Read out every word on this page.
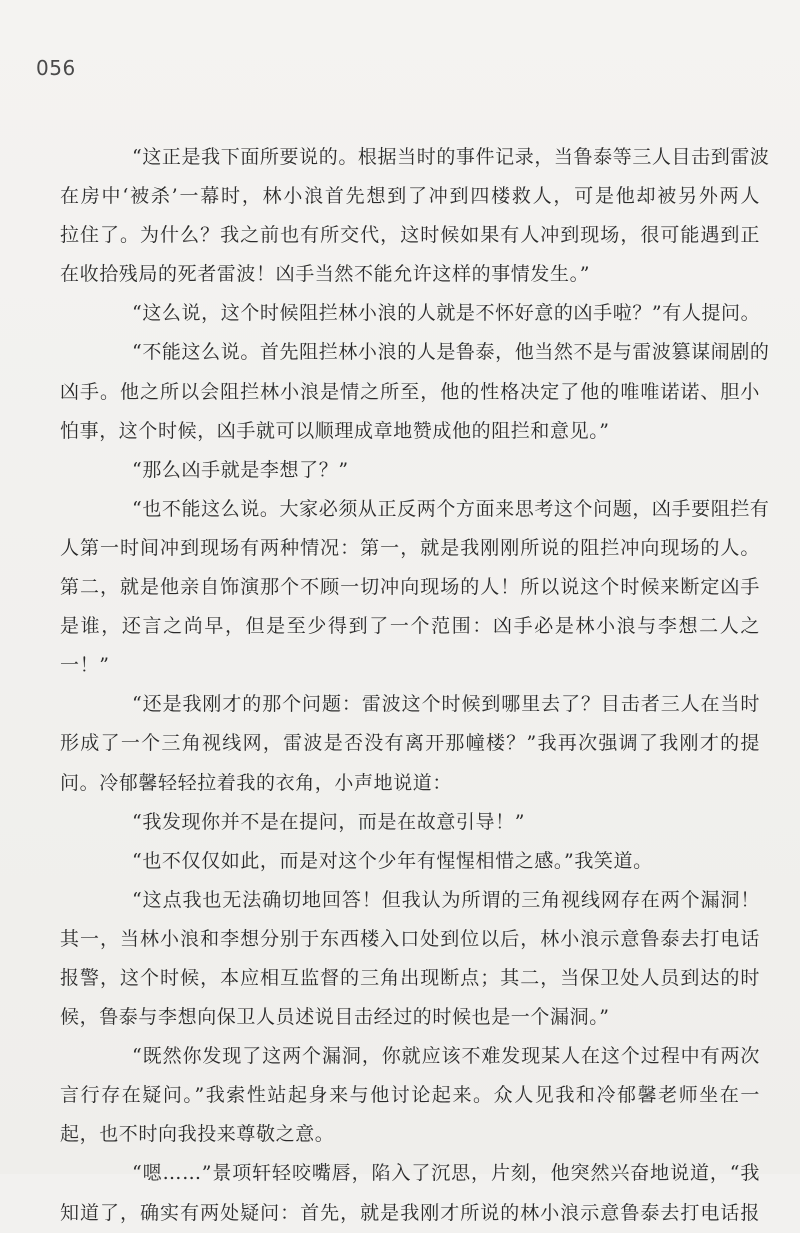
056
“这正是我下面所要说的。根据当时的事件记录，当鲁泰等三人目击到雷波
在房中‘被杀’一幕时，林小浪首先想到了冲到四楼救人，可是他却被另外两人
拉住了。为什么？我之前也有所交代，这时候如果有人冲到现场，很可能遇到正
在收拾残局的死者雷波！凶手当然不能允许这样的事情发生。”
“这么说，这个时候阻拦林小浪的人就是不怀好意的凶手啦？”有人提问。
“不能这么说。首先阻拦林小浪的人是鲁泰，他当然不是与雷波篡谋闹剧的
凶手。他之所以会阻拦林小浪是情之所至，他的性格决定了他的唯唯诺诺、胆小
怕事，这个时候，凶手就可以顺理成章地赞成他的阻拦和意见。”
“那么凶手就是李想了？”
“也不能这么说。大家必须从正反两个方面来思考这个问题，凶手要阻拦有
人第一时间冲到现场有两种情况：第一，就是我刚刚所说的阻拦冲向现场的人。
第二，就是他亲自饰演那个不顾一切冲向现场的人！所以说这个时候来断定凶手
是谁，还言之尚早，但是至少得到了一个范围：凶手必是林小浪与李想二人之
一！”
“还是我刚才的那个问题：雷波这个时候到哪里去了？目击者三人在当时
形成了一个三角视线网，雷波是否没有离开那幢楼？”我再次强调了我刚才的提
问。冷郁馨轻轻拉着我的衣角，小声地说道：
“我发现你并不是在提问，而是在故意引导！”
“也不仅仅如此，而是对这个少年有惺惺相惜之感。”我笑道。
“这点我也无法确切地回答！但我认为所谓的三角视线网存在两个漏洞！
其一，当林小浪和李想分别于东西楼入口处到位以后，林小浪示意鲁泰去打电话
报警，这个时候，本应相互监督的三角出现断点；其二，当保卫处人员到达的时
候，鲁泰与李想向保卫人员述说目击经过的时候也是一个漏洞。”
“既然你发现了这两个漏洞，你就应该不难发现某人在这个过程中有两次
言行存在疑问。”我索性站起身来与他讨论起来。众人见我和冷郁馨老师坐在一
起，也不时向我投来尊敬之意。
“嗯……”景项轩轻咬嘴唇，陷入了沉思，片刻，他突然兴奋地说道，“我
知道了，确实有两处疑问：首先，就是我刚才所说的林小浪示意鲁泰去打电话报
